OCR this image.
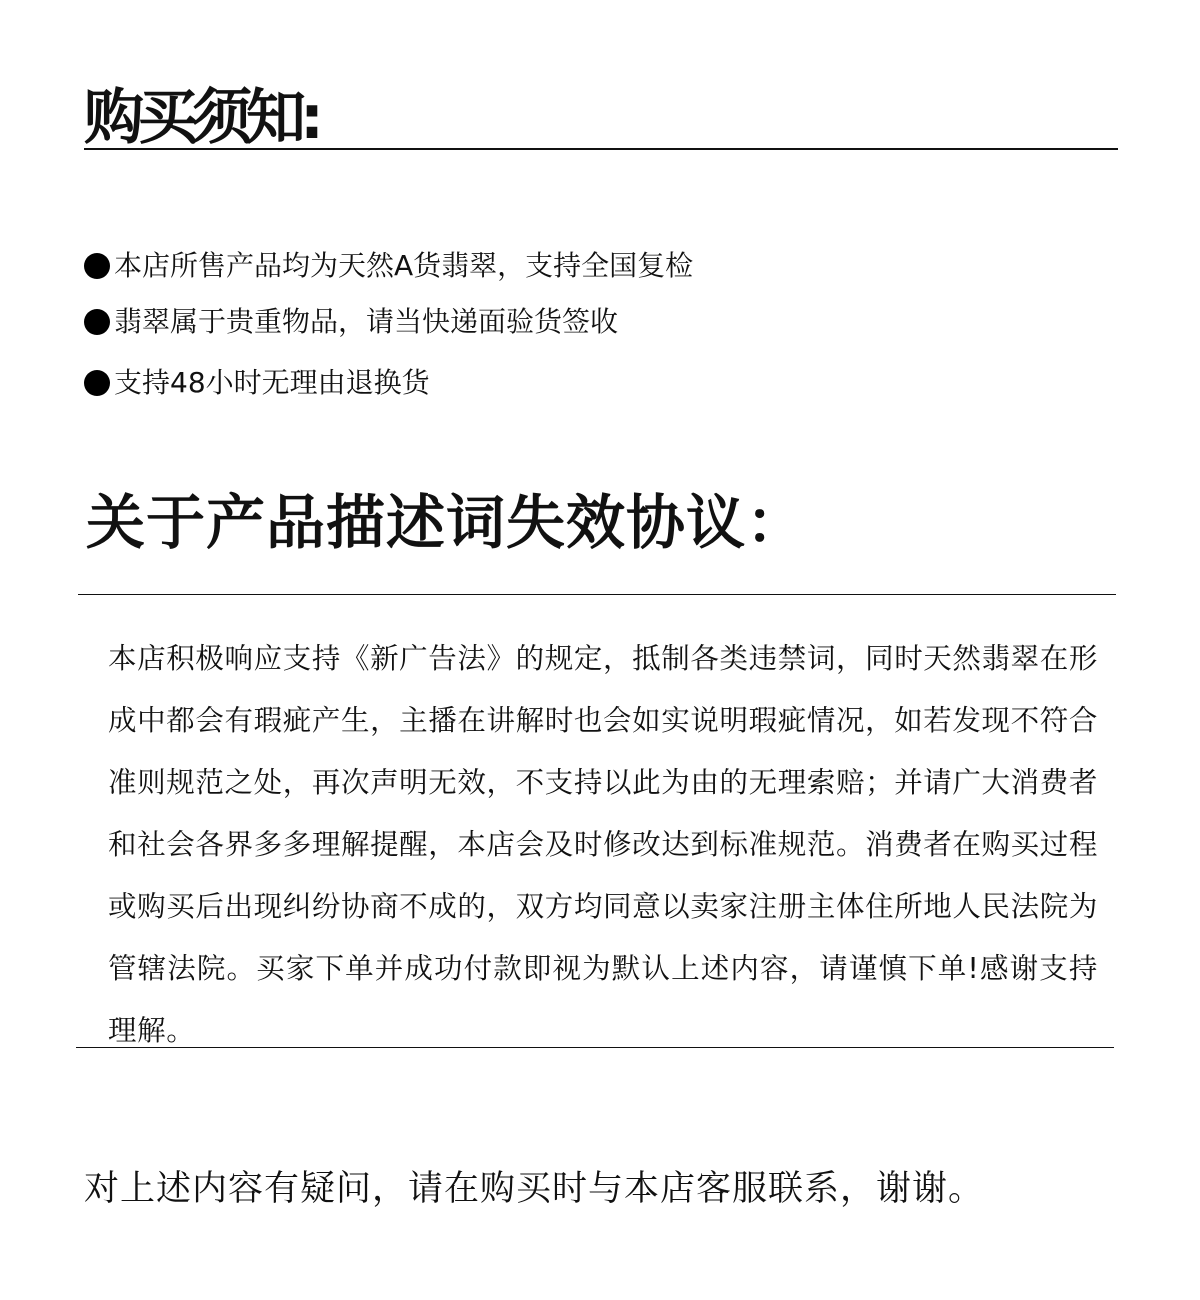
购买须知:
本店所售产品均为天然A货翡翠，支持全国复检
翡翠属于贵重物品，请当快递面验货签收
支持48小时无理由退换货
关于产品描述词失效协议：

本店积极响应支持《新广告法》的规定，抵制各类违禁词，同时天然翡翠在形成中都会有瑕疵产生，主播在讲解时也会如实说明瑕疵情况，如若发现不符合准则规范之处，再次声明无效，不支持以此为由的无理索赔；并请广大消费者和社会各界多多理解提醒，本店会及时修改达到标准规范。消费者在购买过程或购买后出现纠纷协商不成的，双方均同意以卖家注册主体住所地人民法院为管辖法院。买家下单并成功付款即视为默认上述内容，请谨慎下单!感谢支持理解。

对上述内容有疑问，请在购买时与本店客服联系，谢谢。
